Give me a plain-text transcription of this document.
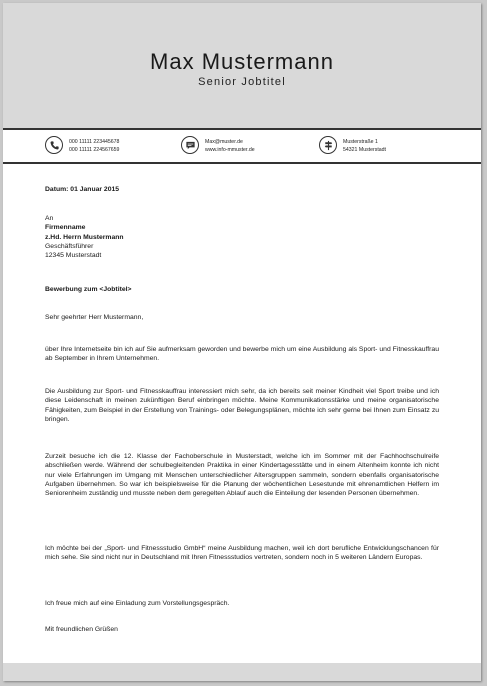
Max Mustermann
Senior Jobtitel
000 11111 223445678
000 11111 224567659
Max@muster.de
www.info-mmuster.de
Musterstraße 1
54321 Musterstadt
Datum: 01 Januar 2015
An
Firmenname
z.Hd. Herrn Mustermann
Geschäftsführer
12345 Musterstadt
Bewerbung zum <Jobtitel>
Sehr geehrter Herr Mustermann,

über Ihre Internetseite bin ich auf Sie aufmerksam geworden und bewerbe mich um eine Ausbildung als Sport- und Fitnesskauffrau ab September in Ihrem Unternehmen.

Die Ausbildung zur Sport- und Fitnesskauffrau interessiert mich sehr, da ich bereits seit meiner Kindheit viel Sport treibe und ich diese Leidenschaft in meinen zukünftigen Beruf einbringen möchte. Meine Kommunikationsstärke und meine organisatorische Fähigkeiten, zum Beispiel in der Erstellung von Trainings- oder Belegungsplänen, möchte ich sehr gerne bei Ihnen zum Einsatz zu bringen.

Zurzeit besuche ich die 12. Klasse der Fachoberschule in Musterstadt, welche ich im Sommer mit der Fachhochschulreife abschließen werde. Während der schulbegleitenden Praktika in einer Kindertagesstätte und in einem Altenheim konnte ich nicht nur viele Erfahrungen im Umgang mit Menschen unterschiedlicher Altersgruppen sammeln, sondern ebenfalls organisatorische Aufgaben übernehmen. So war ich beispielsweise für die Planung der wöchentlichen Lesestunde mit ehrenamtlichen Helfern im Seniorenheim zuständig und musste neben dem geregelten Ablauf auch die Einteilung der lesenden Personen übernehmen.

Ich möchte bei der „Sport- und Fitnessstudio GmbH“ meine Ausbildung machen, weil ich dort berufliche Entwicklungschancen für mich sehe. Sie sind nicht nur in Deutschland mit Ihren Fitnessstudios vertreten, sondern noch in 5 weiteren Ländern Europas.

Ich freue mich auf eine Einladung zum Vorstellungsgespräch.

Mit freundlichen Grüßen
